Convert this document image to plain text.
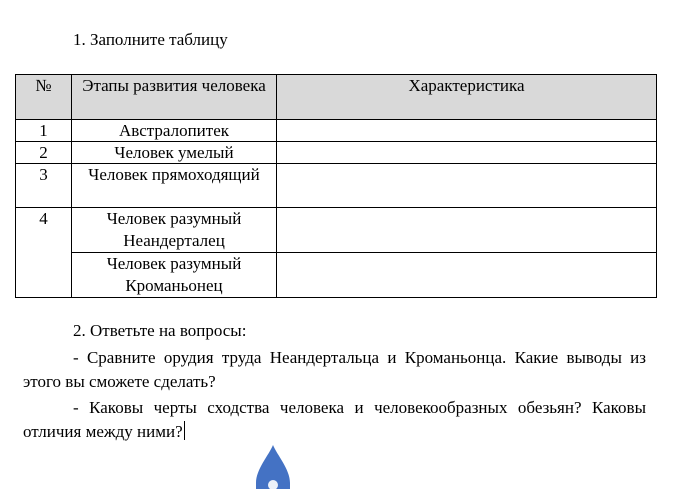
1. Заполните таблицу
№	Этапы развития человека	Характеристика
1	Австралопитек	
2	Человек умелый	
3	Человек прямоходящий	
4	Человек разумный Неандерталец	
	Человек разумный Кроманьонец	
2. Ответьте на вопросы:
- Сравните орудия труда Неандертальца и Кроманьонца. Какие выводы из этого вы сможете сделать?
- Каковы черты сходства человека и человекообразных обезьян? Каковы отличия между ними?
